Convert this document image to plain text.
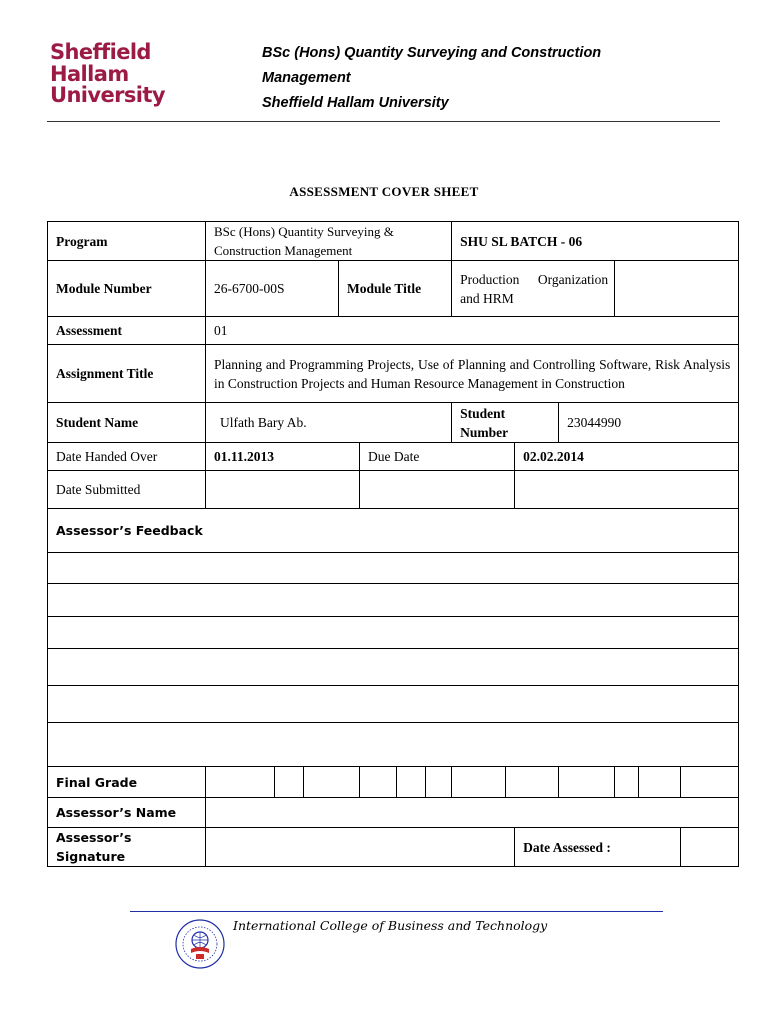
Sheffield
Hallam
University
BSc (Hons) Quantity Surveying and Construction
Management
Sheffield Hallam University
ASSESSMENT COVER SHEET
Program	BSc (Hons) Quantity Surveying & Construction Management							SHU SL BATCH - 06							
Module Number	26-6700-00S			Module Title				Production Organization and HRM							
Assessment	01														
Assignment Title	Planning and Programming Projects, Use of Planning and Controlling Software, Risk Analysis in Construction Projects and Human Resource Management in Construction														
Student Name	Ulfath Bary Ab.							Student Number			23044990				
Date Handed Over	01.11.2013				Due Date					02.02.2014					
Date Submitted															
Assessor’s Feedback															

Final Grade															
Assessor’s Name															
Assessor’s Signature										Date Assessed :					
International College of Business and Technology
